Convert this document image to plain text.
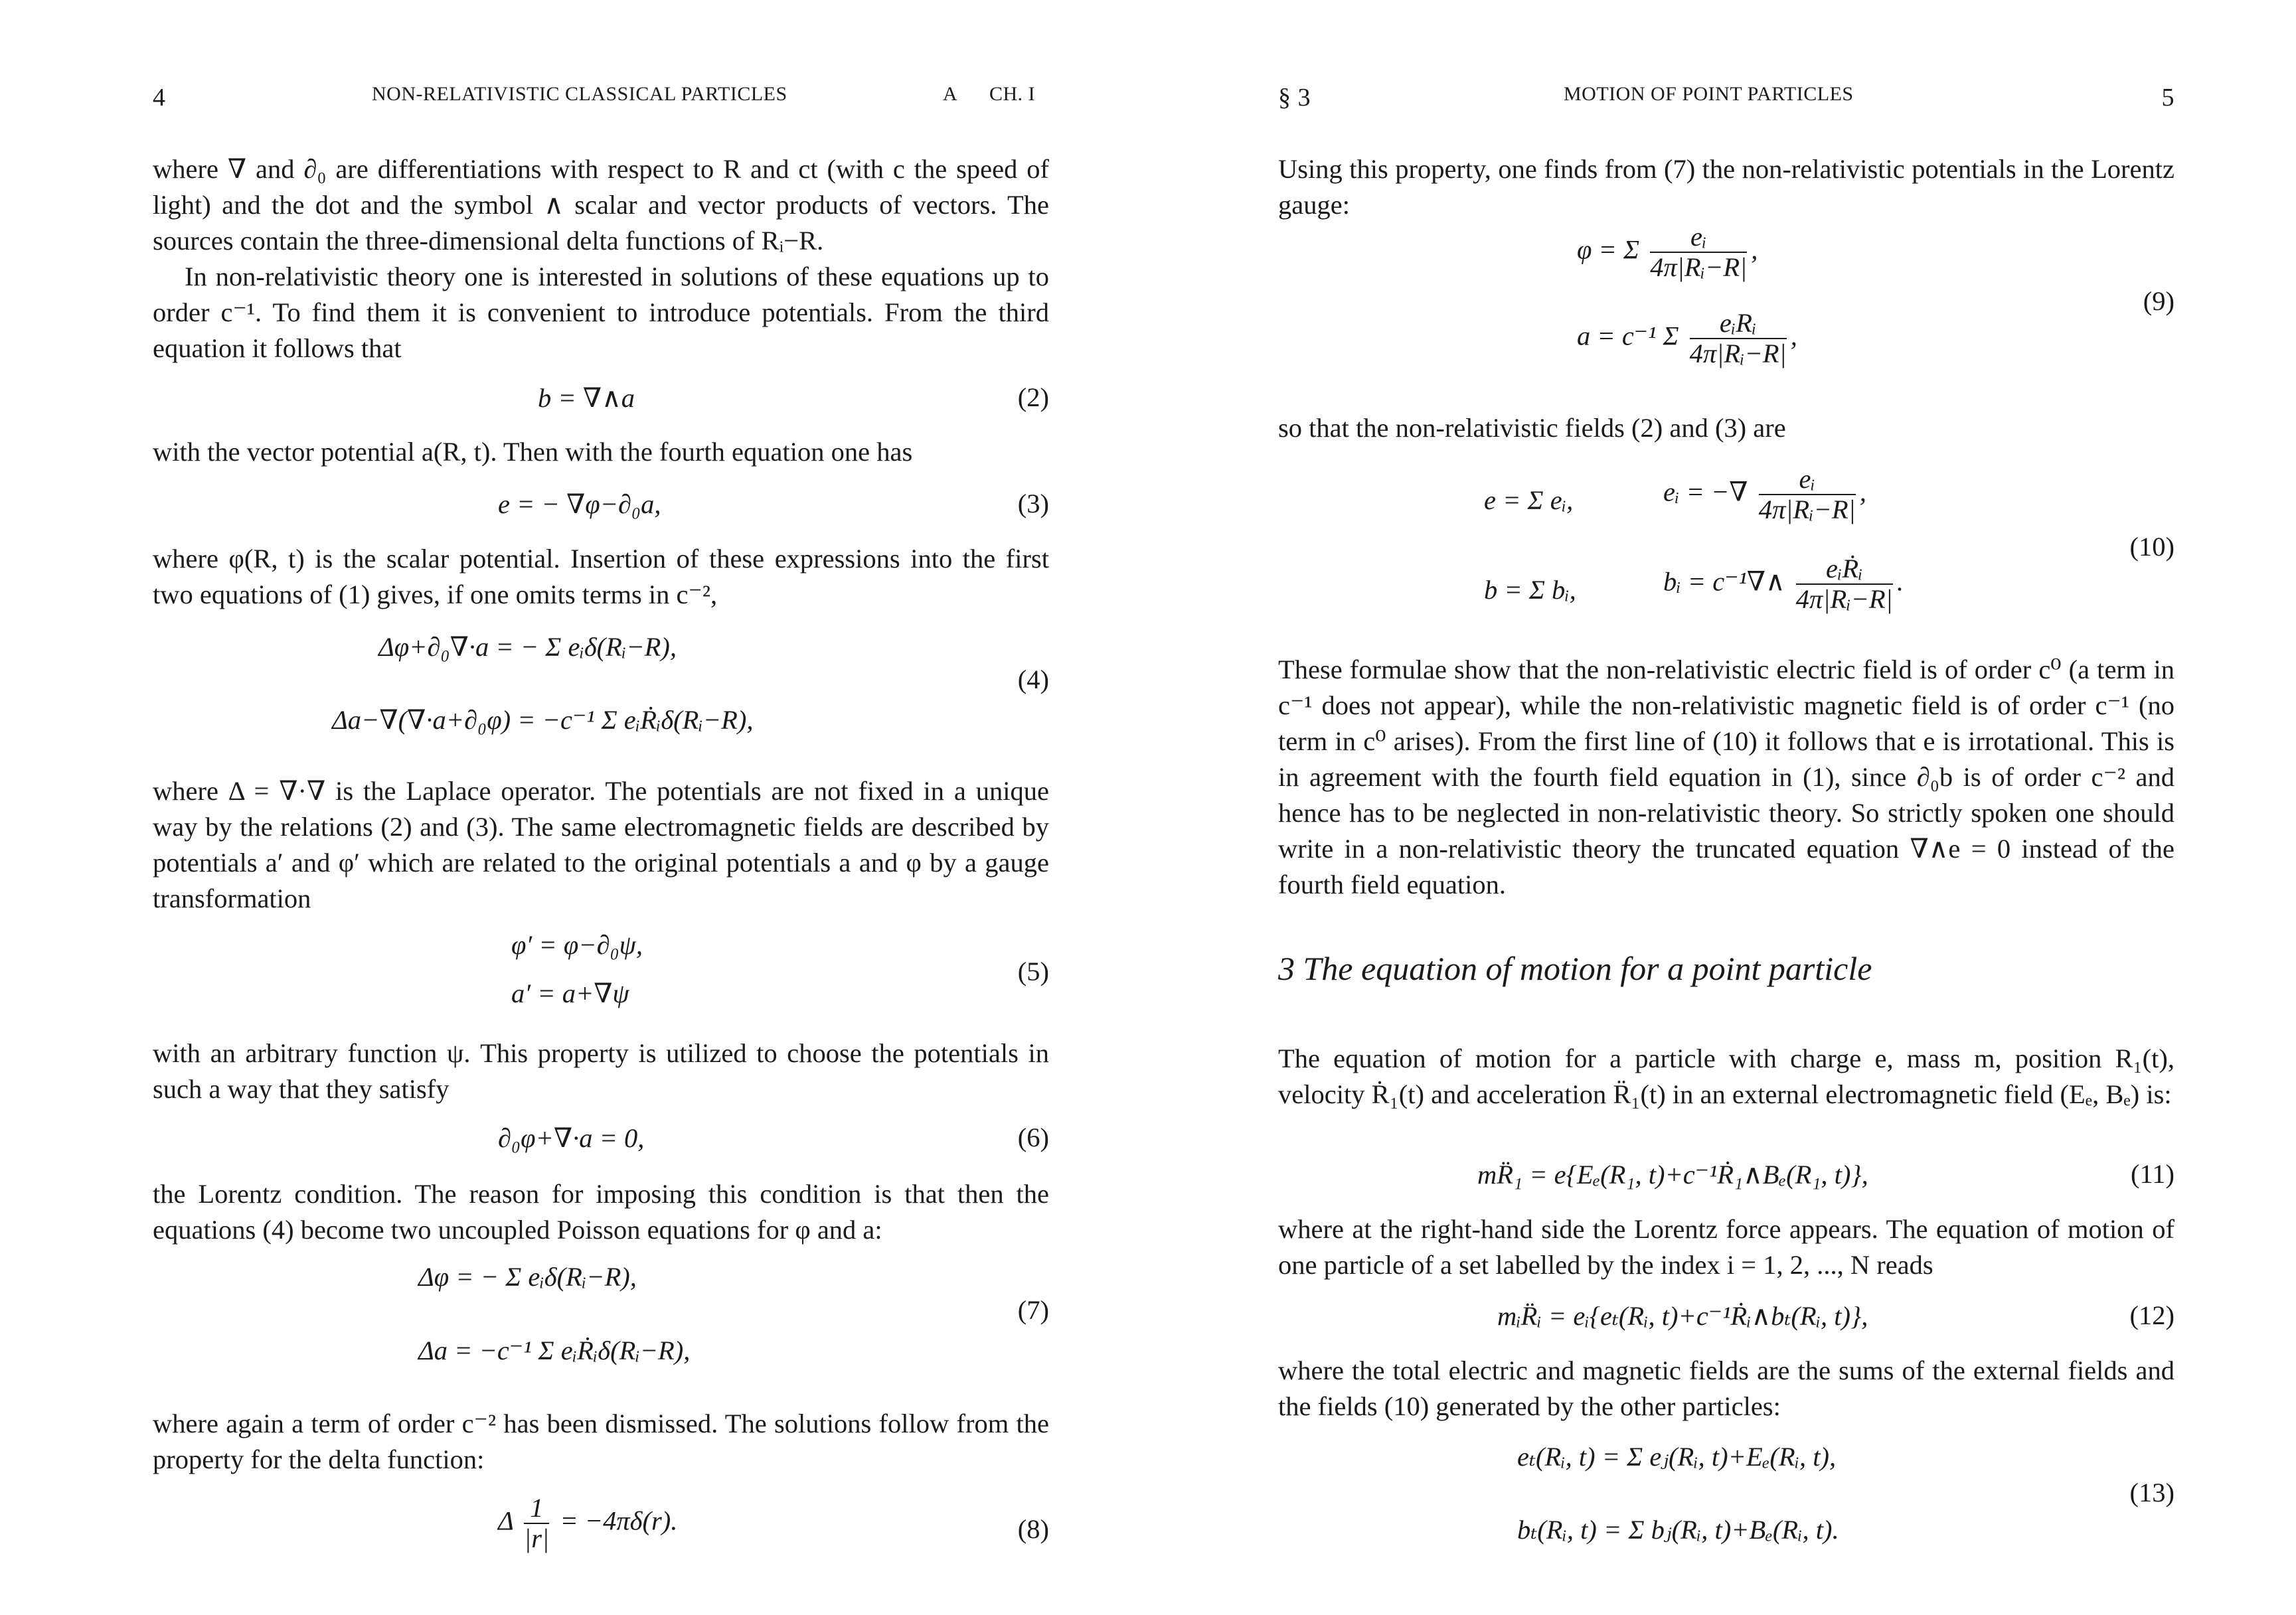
4	NON-RELATIVISTIC CLASSICAL PARTICLES	A CH. I

where ∇ and ∂₀ are differentiations with respect to R and ct (with c the speed of light) and the dot and the symbol ∧ scalar and vector products of vectors. The sources contain the three-dimensional delta functions of Rᵢ−R.

In non-relativistic theory one is interested in solutions of these equations up to order c⁻¹. To find them it is convenient to introduce potentials. From the third equation it follows that

b = ∇∧a	(2)

with the vector potential a(R, t). Then with the fourth equation one has

e = − ∇φ−∂₀a,	(3)

where φ(R, t) is the scalar potential. Insertion of these expressions into the first two equations of (1) gives, if one omits terms in c⁻²,

Δφ+∂₀∇·a = − Σ eᵢδ(Rᵢ−R),
Δa−∇(∇·a+∂₀φ) = −c⁻¹ Σ eᵢṘᵢδ(Rᵢ−R),
(4)

where Δ = ∇·∇ is the Laplace operator. The potentials are not fixed in a unique way by the relations (2) and (3). The same electromagnetic fields are described by potentials a′ and φ′ which are related to the original potentials a and φ by a gauge transformation

φ′ = φ−∂₀ψ,
a′ = a+∇ψ
(5)

with an arbitrary function ψ. This property is utilized to choose the potentials in such a way that they satisfy

∂₀φ+∇·a = 0,	(6)

the Lorentz condition. The reason for imposing this condition is that then the equations (4) become two uncoupled Poisson equations for φ and a:

Δφ = − Σ eᵢδ(Rᵢ−R),
Δa = −c⁻¹ Σ eᵢṘᵢδ(Rᵢ−R),
(7)

where again a term of order c⁻² has been dismissed. The solutions follow from the property for the delta function:

Δ $\frac{1}{|r|} = -4\pi\delta(r)$.	(8)
§ 3	MOTION OF POINT PARTICLES	5

Using this property, one finds from (7) the non-relativistic potentials in the Lorentz gauge:

φ = Σ $\frac{\text{eᵢ}}{\text{4π|Rᵢ−R|}}$ ,
a = c⁻¹ Σ $\frac{\text{eᵢRᵢ}}{\text{4π|Rᵢ−R|}}$ ,
(9)

so that the non-relativistic fields (2) and (3) are

e = Σ eᵢ,	eᵢ = −∇ $\frac{\text{eᵢ}}{\text{4π|Rᵢ−R|}}$ ,
b = Σ bᵢ,	bᵢ = c⁻¹∇∧ $\frac{\text{eᵢṘᵢ}}{\text{4π|Rᵢ−R|}}$ .
(10)

These formulae show that the non-relativistic electric field is of order c⁰ (a term in c⁻¹ does not appear), while the non-relativistic magnetic field is of order c⁻¹ (no term in c⁰ arises). From the first line of (10) it follows that e is irrotational. This is in agreement with the fourth field equation in (1), since ∂₀b is of order c⁻² and hence has to be neglected in non-relativistic theory. So strictly spoken one should write in a non-relativistic theory the truncated equation ∇∧e = 0 instead of the fourth field equation.

3 The equation of motion for a point particle

The equation of motion for a particle with charge e, mass m, position R₁(t), velocity Ṙ₁(t) and acceleration R̈₁(t) in an external electromagnetic field (Eₑ, Bₑ) is:

mR̈₁ = e{Eₑ(R₁, t)+c⁻¹Ṙ₁∧Bₑ(R₁, t)},	(11)

where at the right-hand side the Lorentz force appears. The equation of motion of one particle of a set labelled by the index i = 1, 2, ..., N reads

mᵢR̈ᵢ = eᵢ{eₜ(Rᵢ, t)+c⁻¹Ṙᵢ∧bₜ(Rᵢ, t)},	(12)

where the total electric and magnetic fields are the sums of the external fields and the fields (10) generated by the other particles:

eₜ(Rᵢ, t) = Σ eⱼ(Rᵢ, t)+Eₑ(Rᵢ, t),
bₜ(Rᵢ, t) = Σ bⱼ(Rᵢ, t)+Bₑ(Rᵢ, t).
(13)
